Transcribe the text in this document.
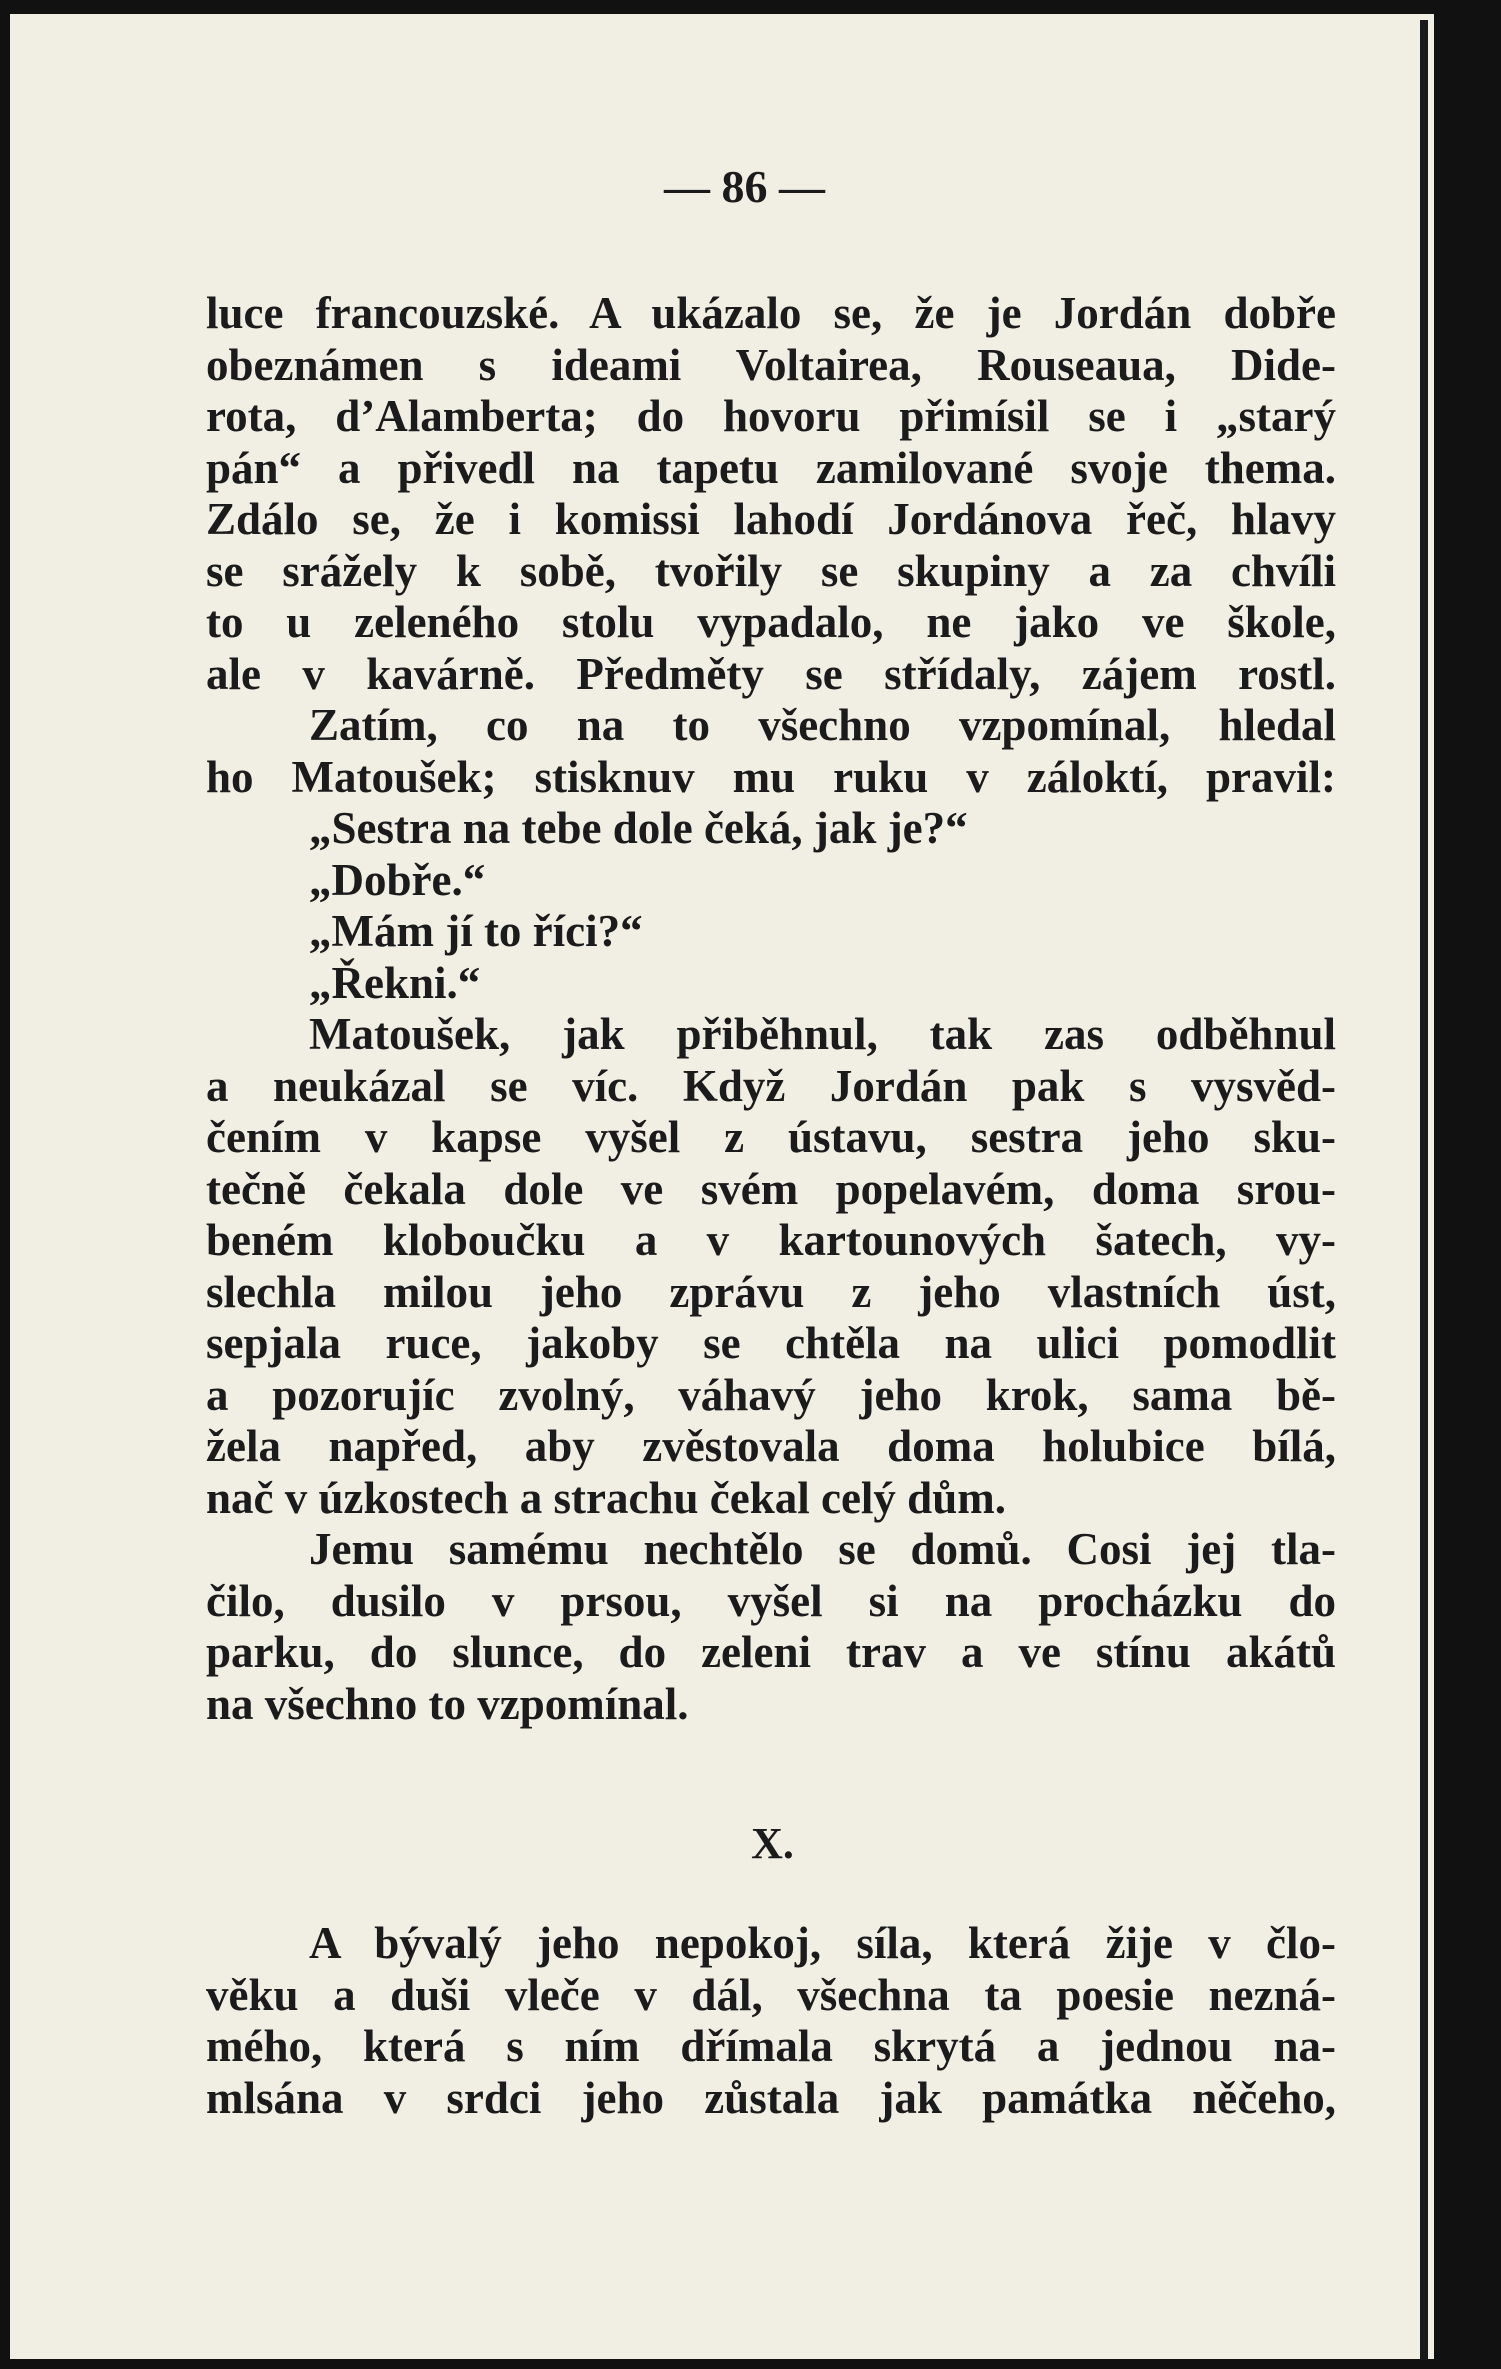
— 86 —
luce francouzské. A ukázalo se, že je Jordán dobře
obeznámen s ideami Voltairea, Rouseaua, Dide-
rota, d’Alamberta; do hovoru přimísil se i „starý
pán“ a přivedl na tapetu zamilované svoje thema.
Zdálo se, že i komissi lahodí Jordánova řeč, hlavy
se srážely k sobě, tvořily se skupiny a za chvíli
to u zeleného stolu vypadalo, ne jako ve škole,
ale v kavárně. Předměty se střídaly, zájem rostl.
Zatím, co na to všechno vzpomínal, hledal
ho Matoušek; stisknuv mu ruku v záloktí, pravil:
„Sestra na tebe dole čeká, jak je?“
„Dobře.“
„Mám jí to říci?“
„Řekni.“
Matoušek, jak přiběhnul, tak zas odběhnul
a neukázal se víc. Když Jordán pak s vysvěd-
čením v kapse vyšel z ústavu, sestra jeho sku-
tečně čekala dole ve svém popelavém, doma srou-
beném kloboučku a v kartounových šatech, vy-
slechla milou jeho zprávu z jeho vlastních úst,
sepjala ruce, jakoby se chtěla na ulici pomodlit
a pozorujíc zvolný, váhavý jeho krok, sama bě-
žela napřed, aby zvěstovala doma holubice bílá,
nač v úzkostech a strachu čekal celý dům.
Jemu samému nechtělo se domů. Cosi jej tla-
čilo, dusilo v prsou, vyšel si na procházku do
parku, do slunce, do zeleni trav a ve stínu akátů
na všechno to vzpomínal.
X.
A bývalý jeho nepokoj, síla, která žije v člo-
věku a duši vleče v dál, všechna ta poesie nezná-
mého, která s ním dřímala skrytá a jednou na-
mlsána v srdci jeho zůstala jak památka něčeho,
